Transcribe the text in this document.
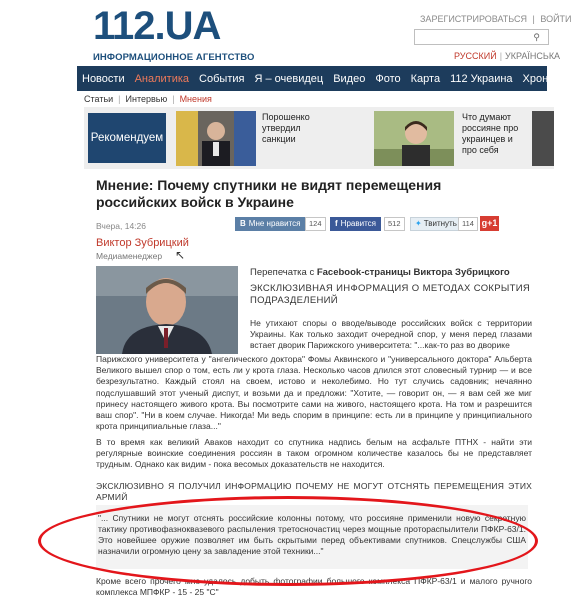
112.UA
ИНФОРМАЦИОННОЕ АГЕНТСТВО
ЗАРЕГИСТРИРОВАТЬСЯ | ВОЙТИ
⚲
РУССКИЙ | УКРАЇНСЬКА
Новости Аналитика События Я – очевидец Видео Фото Карта 112 Украина Хроника
Статьи | Интервью | Мнения
Рекомендуем
Порошенко утвердил санкции
Что думают россияне про украинцев и про себя
Мнение: Почему спутники не видят перемещения российских войск в Украине
Вчера, 14:26	B Мне нравится	124	f Нравится	512	✦ Твитнуть 114 g+1
Виктор Зубрицкий
Медиаменеджер ↖
Перепечатка с Facebook-страницы Виктора Зубрицкого
ЭКСКЛЮЗИВНАЯ ИНФОРМАЦИЯ О МЕТОДАХ СОКРЫТИЯ ПОДРАЗДЕЛЕНИЙ
Не утихают споры о вводе/выводе российских войск с территории Украины. Как только заходит очередной спор, у меня перед глазами встает дворик Парижского университета: "...как-то раз во дворике
Парижского университета у "ангелического доктора" Фомы Аквинского и "универсального доктора" Альберта Великого вышел спор о том, есть ли у крота глаза. Несколько часов длился этот словесный турнир — и все безрезультатно. Каждый стоял на своем, истово и неколебимо. Но тут случись садовник; нечаянно подслушавший этот ученый диспут, и возьми да и предложи: "Хотите, — говорит он, — я вам сей же миг принесу настоящего живого крота. Вы посмотрите сами на живого, настоящего крота. На том и разрешится ваш спор". "Ни в коем случае. Никогда! Ми ведь спорим в принципе: есть ли в принципе у принципиального крота принципиальные глаза..."
В то время как великий Аваков находит со спутника надпись белым на асфальте ПТНХ - найти эти регулярные воинские соединения россиян в таком огромном количестве казалось бы не представляет трудным. Однако как видим - пока весомых доказательств не находится.
ЭКСКЛЮЗИВНО Я ПОЛУЧИЛ ИНФОРМАЦИЮ ПОЧЕМУ НЕ МОГУТ ОТСНЯТЬ ПЕРЕМЕЩЕНИЯ ЭТИХ АРМИЙ
"... Спутники не могут отснять российские колонны потому, что россияне применили новую секретную тактику противофазноквазевого распыления третосночастиц через мощные протораспылители ПФКР-63/1. Это новейшее оружие позволяет им быть скрытыми перед объективами спутников. Спецслужбы США назначили огромную цену за завладение этой техники..."
Кроме всего прочего мне удалось добыть фотографии большого комплекса ПФКР-63/1 и малого ручного комплекса МПФКР - 15 - 25 "С"
